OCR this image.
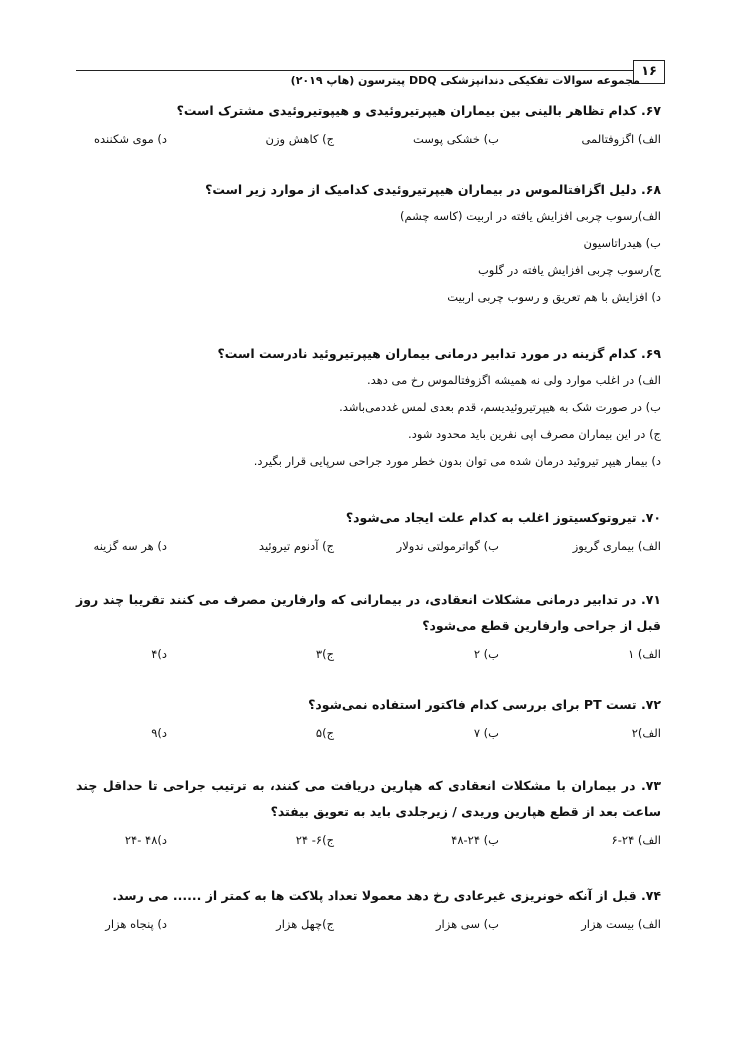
۱۶
مجموعه سوالات تفکیکی دندانپزشکی DDQ پیترسون (هاپ ۲۰۱۹)
۶۷. کدام تظاهر بالینی بین بیماران هیپرتیروئیدی و هیپوتیروئیدی مشترک است؟
الف) اگزوفتالمی
ب) خشکی پوست
ج) کاهش وزن
د) موی شکننده
۶۸. دلیل اگزافتالموس در بیماران هیپرتیروئیدی کدامیک از موارد زیر است؟
الف)رسوب چربی افزایش یافته در اربیت (کاسه چشم)
ب) هیدراتاسیون
ج)رسوب چربی افزایش یافته در گلوب
د) افزایش با هم تعریق و رسوب چربی اربیت
۶۹. کدام گزینه در مورد تدابیر درمانی بیماران هیپرتیروئید نادرست است؟
الف) در اغلب موارد ولی نه همیشه اگزوفتالموس رخ می دهد.
ب) در صورت شک به هیپرتیروئیدیسم، قدم بعدی لمس غددمی‌باشد.
ج) در این بیماران مصرف اپی نفرین باید محدود شود.
د) بیمار هیپر تیروئید درمان شده می توان بدون خطر مورد جراحی سرپایی قرار بگیرد.
۷۰. تیروتوکسیتوز اغلب به کدام علت ایجاد می‌شود؟
الف) بیماری گریوز
ب) گواترمولتی ندولار
ج) آدنوم تیروئید
د) هر سه گزینه
۷۱. در تدابیر درمانی مشکلات انعقادی، در بیمارانی که وارفارین مصرف می کنند تقریبا چند روز قبل از جراحی وارفارین قطع می‌شود؟
الف) ۱
ب) ۲
ج)۳
د)۴
۷۲. تست PT برای بررسی کدام فاکتور استفاده نمی‌شود؟
الف)۲
ب) ۷
ج)۵
د)۹
۷۳. در بیماران با مشکلات انعقادی که هپارین دریافت می کنند، به ترتیب جراحی تا حداقل چند ساعت بعد از قطع هپارین وریدی / زیرجلدی باید به تعویق بیفتد؟
الف) ۲۴-۶
ب) ۲۴-۴۸
ج)۶- ۲۴
د)۴۸ -۲۴
۷۴. قبل از آنکه خونریزی غیرعادی رخ دهد معمولا تعداد پلاکت ها به کمتر از ...... می رسد.
الف) بیست هزار
ب) سی هزار
ج)چهل هزار
د) پنجاه هزار
